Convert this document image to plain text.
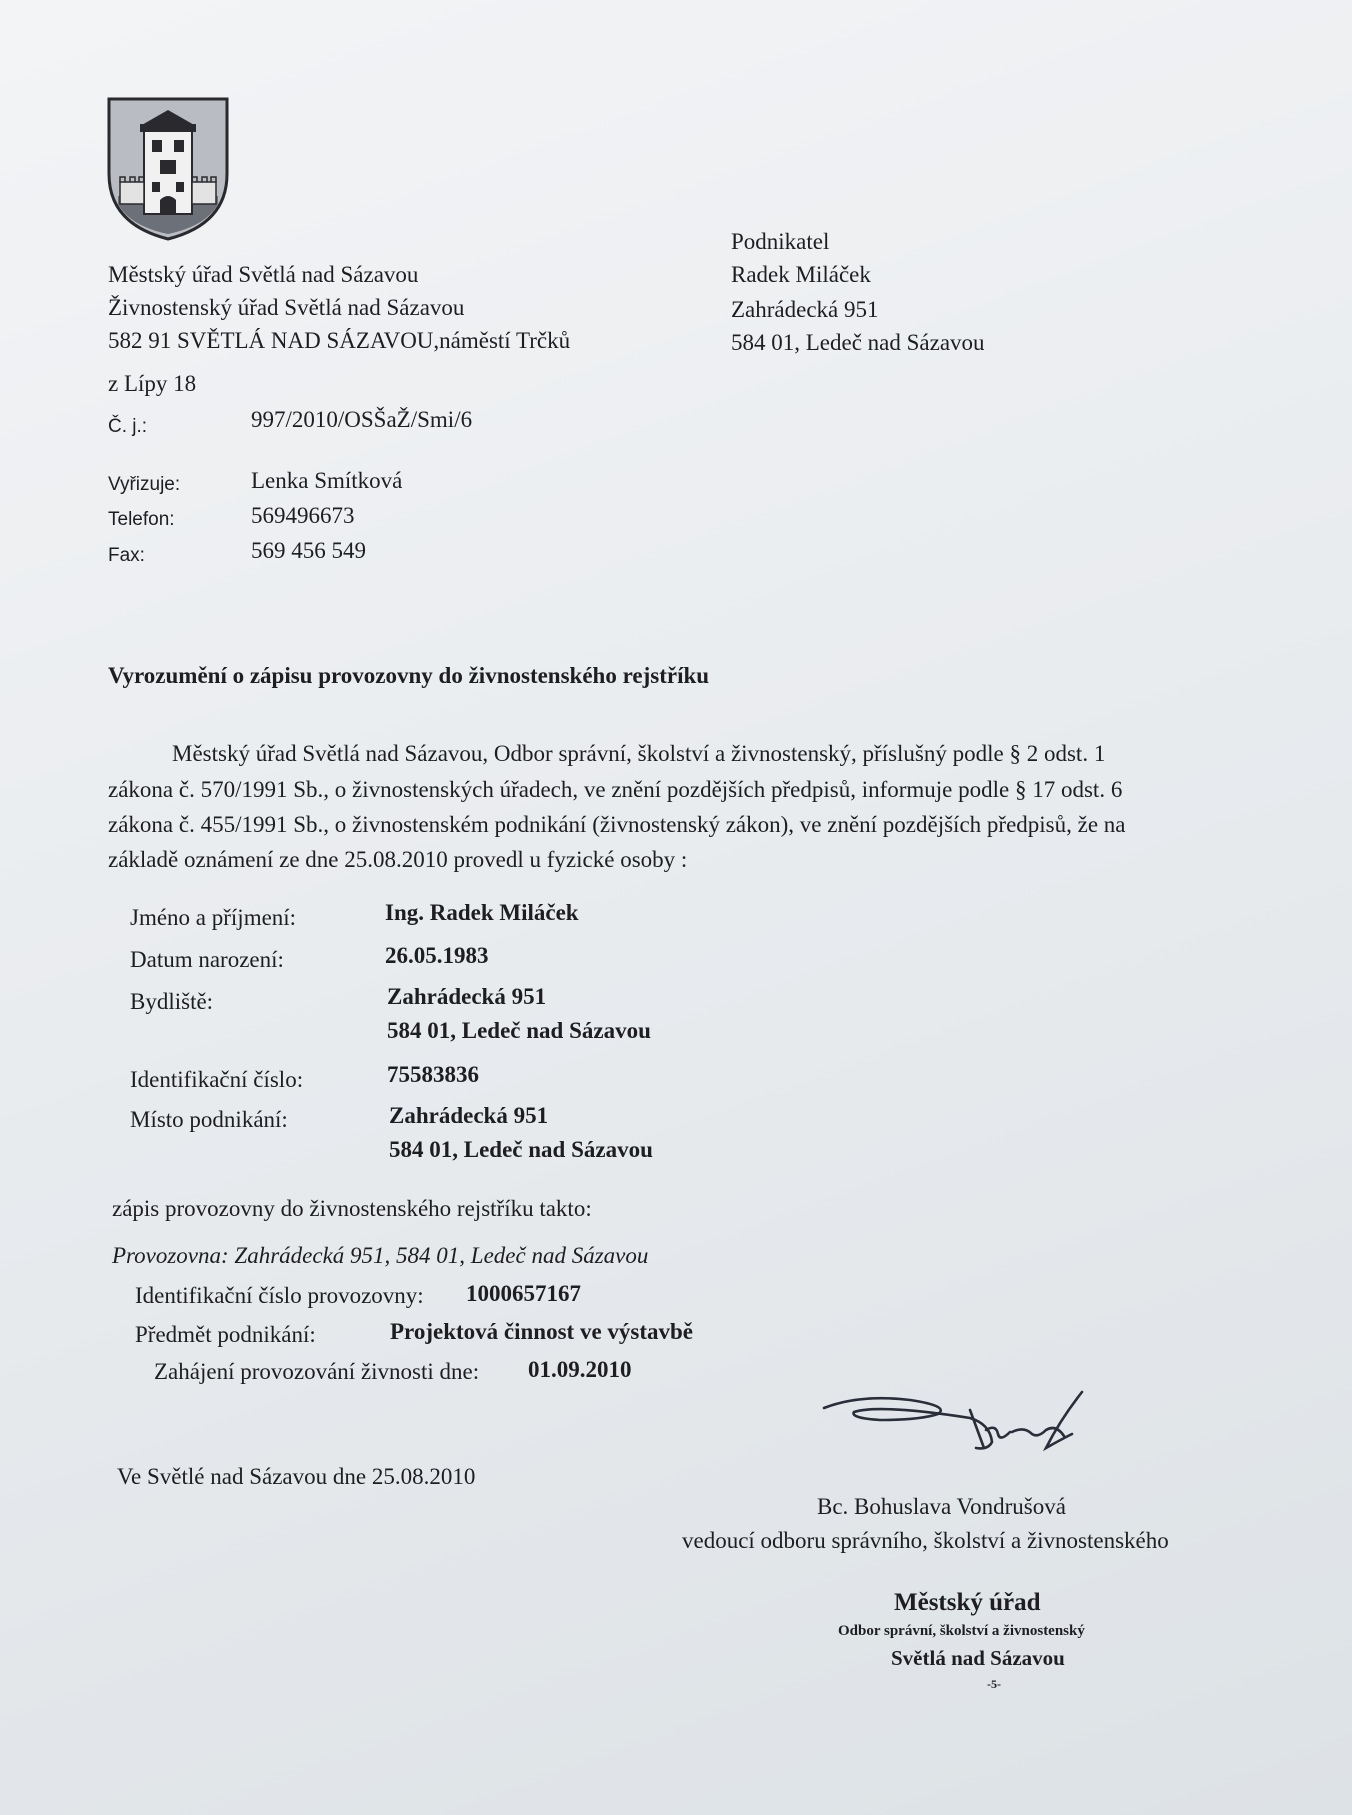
Městský úřad Světlá nad Sázavou
Živnostenský úřad Světlá nad Sázavou
582 91 SVĚTLÁ NAD SÁZAVOU,náměstí Trčků
z Lípy 18
Č. j.:	997/2010/OSŠaŽ/Smi/6
Vyřizuje:	Lenka Smítková
Telefon:	569496673
Fax:	569 456 549
Podnikatel
Radek Miláček
Zahrádecká 951
584 01, Ledeč nad Sázavou
Vyrozumění o zápisu provozovny do živnostenského rejstříku
Městský úřad Světlá nad Sázavou, Odbor správní, školství a živnostenský, příslušný podle § 2 odst. 1
zákona č. 570/1991 Sb., o živnostenských úřadech, ve znění pozdějších předpisů, informuje podle § 17 odst. 6
zákona č. 455/1991 Sb., o živnostenském podnikání (živnostenský zákon), ve znění pozdějších předpisů, že na
základě oznámení ze dne 25.08.2010 provedl u fyzické osoby :
Jméno a příjmení:	Ing. Radek Miláček
Datum narození:	26.05.1983
Bydliště:	Zahrádecká 951
584 01, Ledeč nad Sázavou
Identifikační číslo:	75583836
Místo podnikání:	Zahrádecká 951
584 01, Ledeč nad Sázavou
zápis provozovny do živnostenského rejstříku takto:
Provozovna: Zahrádecká 951, 584 01, Ledeč nad Sázavou
Identifikační číslo provozovny: 1000657167
Předmět podnikání:	Projektová činnost ve výstavbě
Zahájení provozování živnosti dne: 01.09.2010
Ve Světlé nad Sázavou dne 25.08.2010
Bc. Bohuslava Vondrušová
vedoucí odboru správního, školství a živnostenského
Městský úřad
Odbor správní, školství a živnostenský
Světlá nad Sázavou
-5-
